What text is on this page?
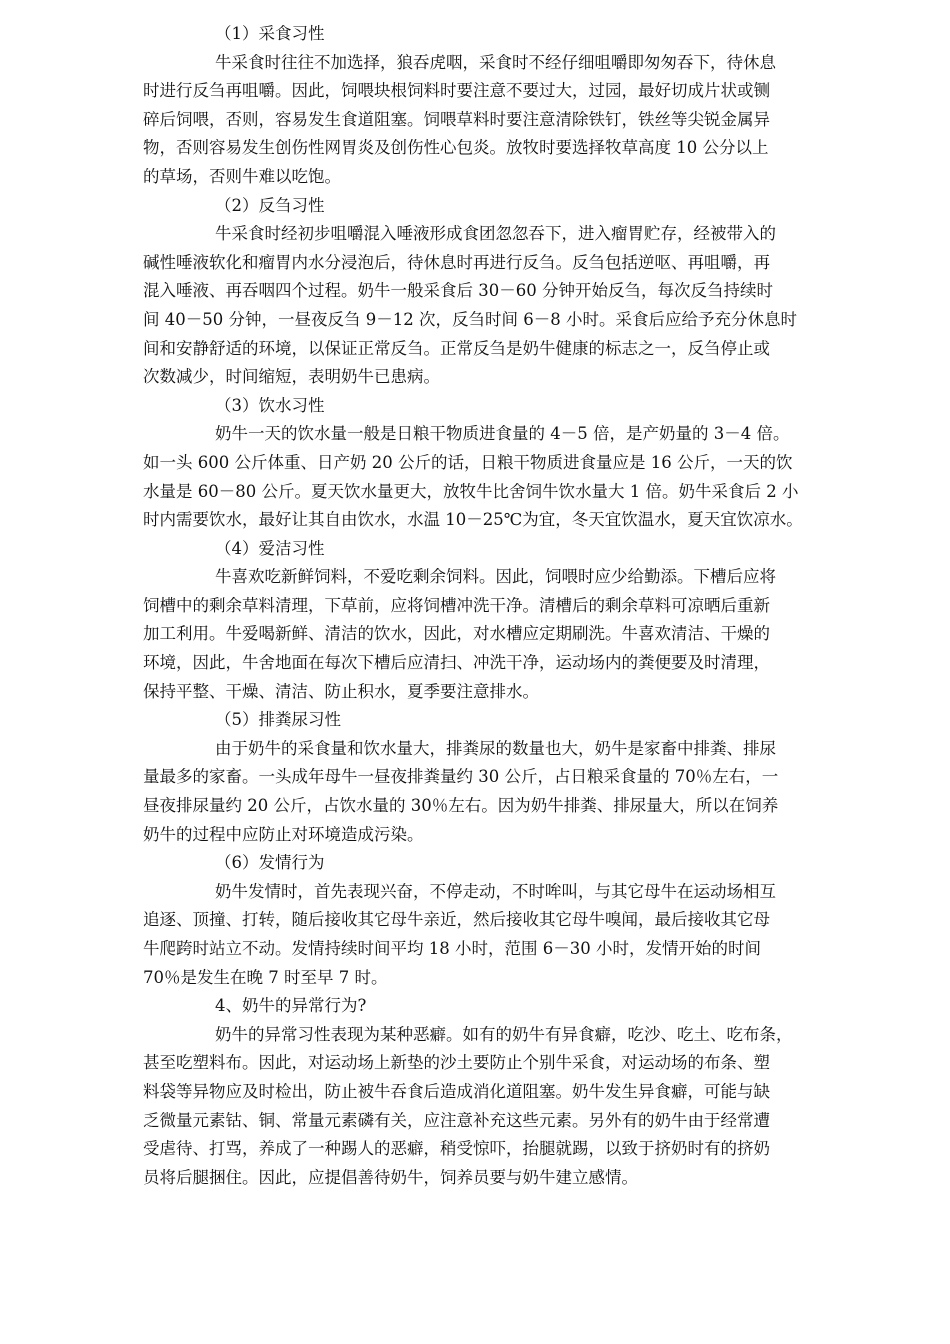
（1）采食习性

牛采食时往往不加选择，狼吞虎咽，采食时不经仔细咀嚼即匆匆吞下，待休息
时进行反刍再咀嚼。因此，饲喂块根饲料时要注意不要过大，过园，最好切成片状或铡
碎后饲喂，否则，容易发生食道阻塞。饲喂草料时要注意清除铁钉，铁丝等尖锐金属异
物，否则容易发生创伤性网胃炎及创伤性心包炎。放牧时要选择牧草高度 10 公分以上
的草场，否则牛难以吃饱。

（2）反刍习性

牛采食时经初步咀嚼混入唾液形成食团忽忽吞下，进入瘤胃贮存，经被带入的
碱性唾液软化和瘤胃内水分浸泡后，待休息时再进行反刍。反刍包括逆呕、再咀嚼，再
混入唾液、再吞咽四个过程。奶牛一般采食后 30－60 分钟开始反刍，每次反刍持续时
间 40－50 分钟，一昼夜反刍 9－12 次，反刍时间 6－8 小时。采食后应给予充分休息时
间和安静舒适的环境，以保证正常反刍。正常反刍是奶牛健康的标志之一，反刍停止或
次数减少，时间缩短，表明奶牛已患病。

（3）饮水习性

奶牛一天的饮水量一般是日粮干物质进食量的 4－5 倍，是产奶量的 3－4 倍。
如一头 600 公斤体重、日产奶 20 公斤的话，日粮干物质进食量应是 16 公斤，一天的饮
水量是 60－80 公斤。夏天饮水量更大，放牧牛比舍饲牛饮水量大 1 倍。奶牛采食后 2 小
时内需要饮水，最好让其自由饮水，水温 10－25℃为宜，冬天宜饮温水，夏天宜饮凉水。

（4）爱洁习性

牛喜欢吃新鲜饲料，不爱吃剩余饲料。因此，饲喂时应少给勤添。下槽后应将
饲槽中的剩余草料清理，下草前，应将饲槽冲洗干净。清槽后的剩余草料可凉晒后重新
加工利用。牛爱喝新鲜、清洁的饮水，因此，对水槽应定期刷洗。牛喜欢清洁、干燥的
环境，因此，牛舍地面在每次下槽后应清扫、冲洗干净，运动场内的粪便要及时清理，
保持平整、干燥、清洁、防止积水，夏季要注意排水。

（5）排粪尿习性

由于奶牛的采食量和饮水量大，排粪尿的数量也大，奶牛是家畜中排粪、排尿
量最多的家畜。一头成年母牛一昼夜排粪量约 30 公斤，占日粮采食量的 70％左右，一
昼夜排尿量约 20 公斤，占饮水量的 30％左右。因为奶牛排粪、排尿量大，所以在饲养
奶牛的过程中应防止对环境造成污染。

（6）发情行为

奶牛发情时，首先表现兴奋，不停走动，不时哞叫，与其它母牛在运动场相互
追逐、顶撞、打转，随后接收其它母牛亲近，然后接收其它母牛嗅闻，最后接收其它母
牛爬跨时站立不动。发情持续时间平均 18 小时，范围 6－30 小时，发情开始的时间
70％是发生在晚 7 时至早 7 时。

4、奶牛的异常行为?

奶牛的异常习性表现为某种恶癖。如有的奶牛有异食癖，吃沙、吃土、吃布条，
甚至吃塑料布。因此，对运动场上新垫的沙土要防止个别牛采食，对运动场的布条、塑
料袋等异物应及时检出，防止被牛吞食后造成消化道阻塞。奶牛发生异食癖，可能与缺
乏微量元素钴、铜、常量元素磷有关，应注意补充这些元素。另外有的奶牛由于经常遭
受虐待、打骂，养成了一种踢人的恶癖，稍受惊吓，抬腿就踢，以致于挤奶时有的挤奶
员将后腿捆住。因此，应提倡善待奶牛，饲养员要与奶牛建立感情。
